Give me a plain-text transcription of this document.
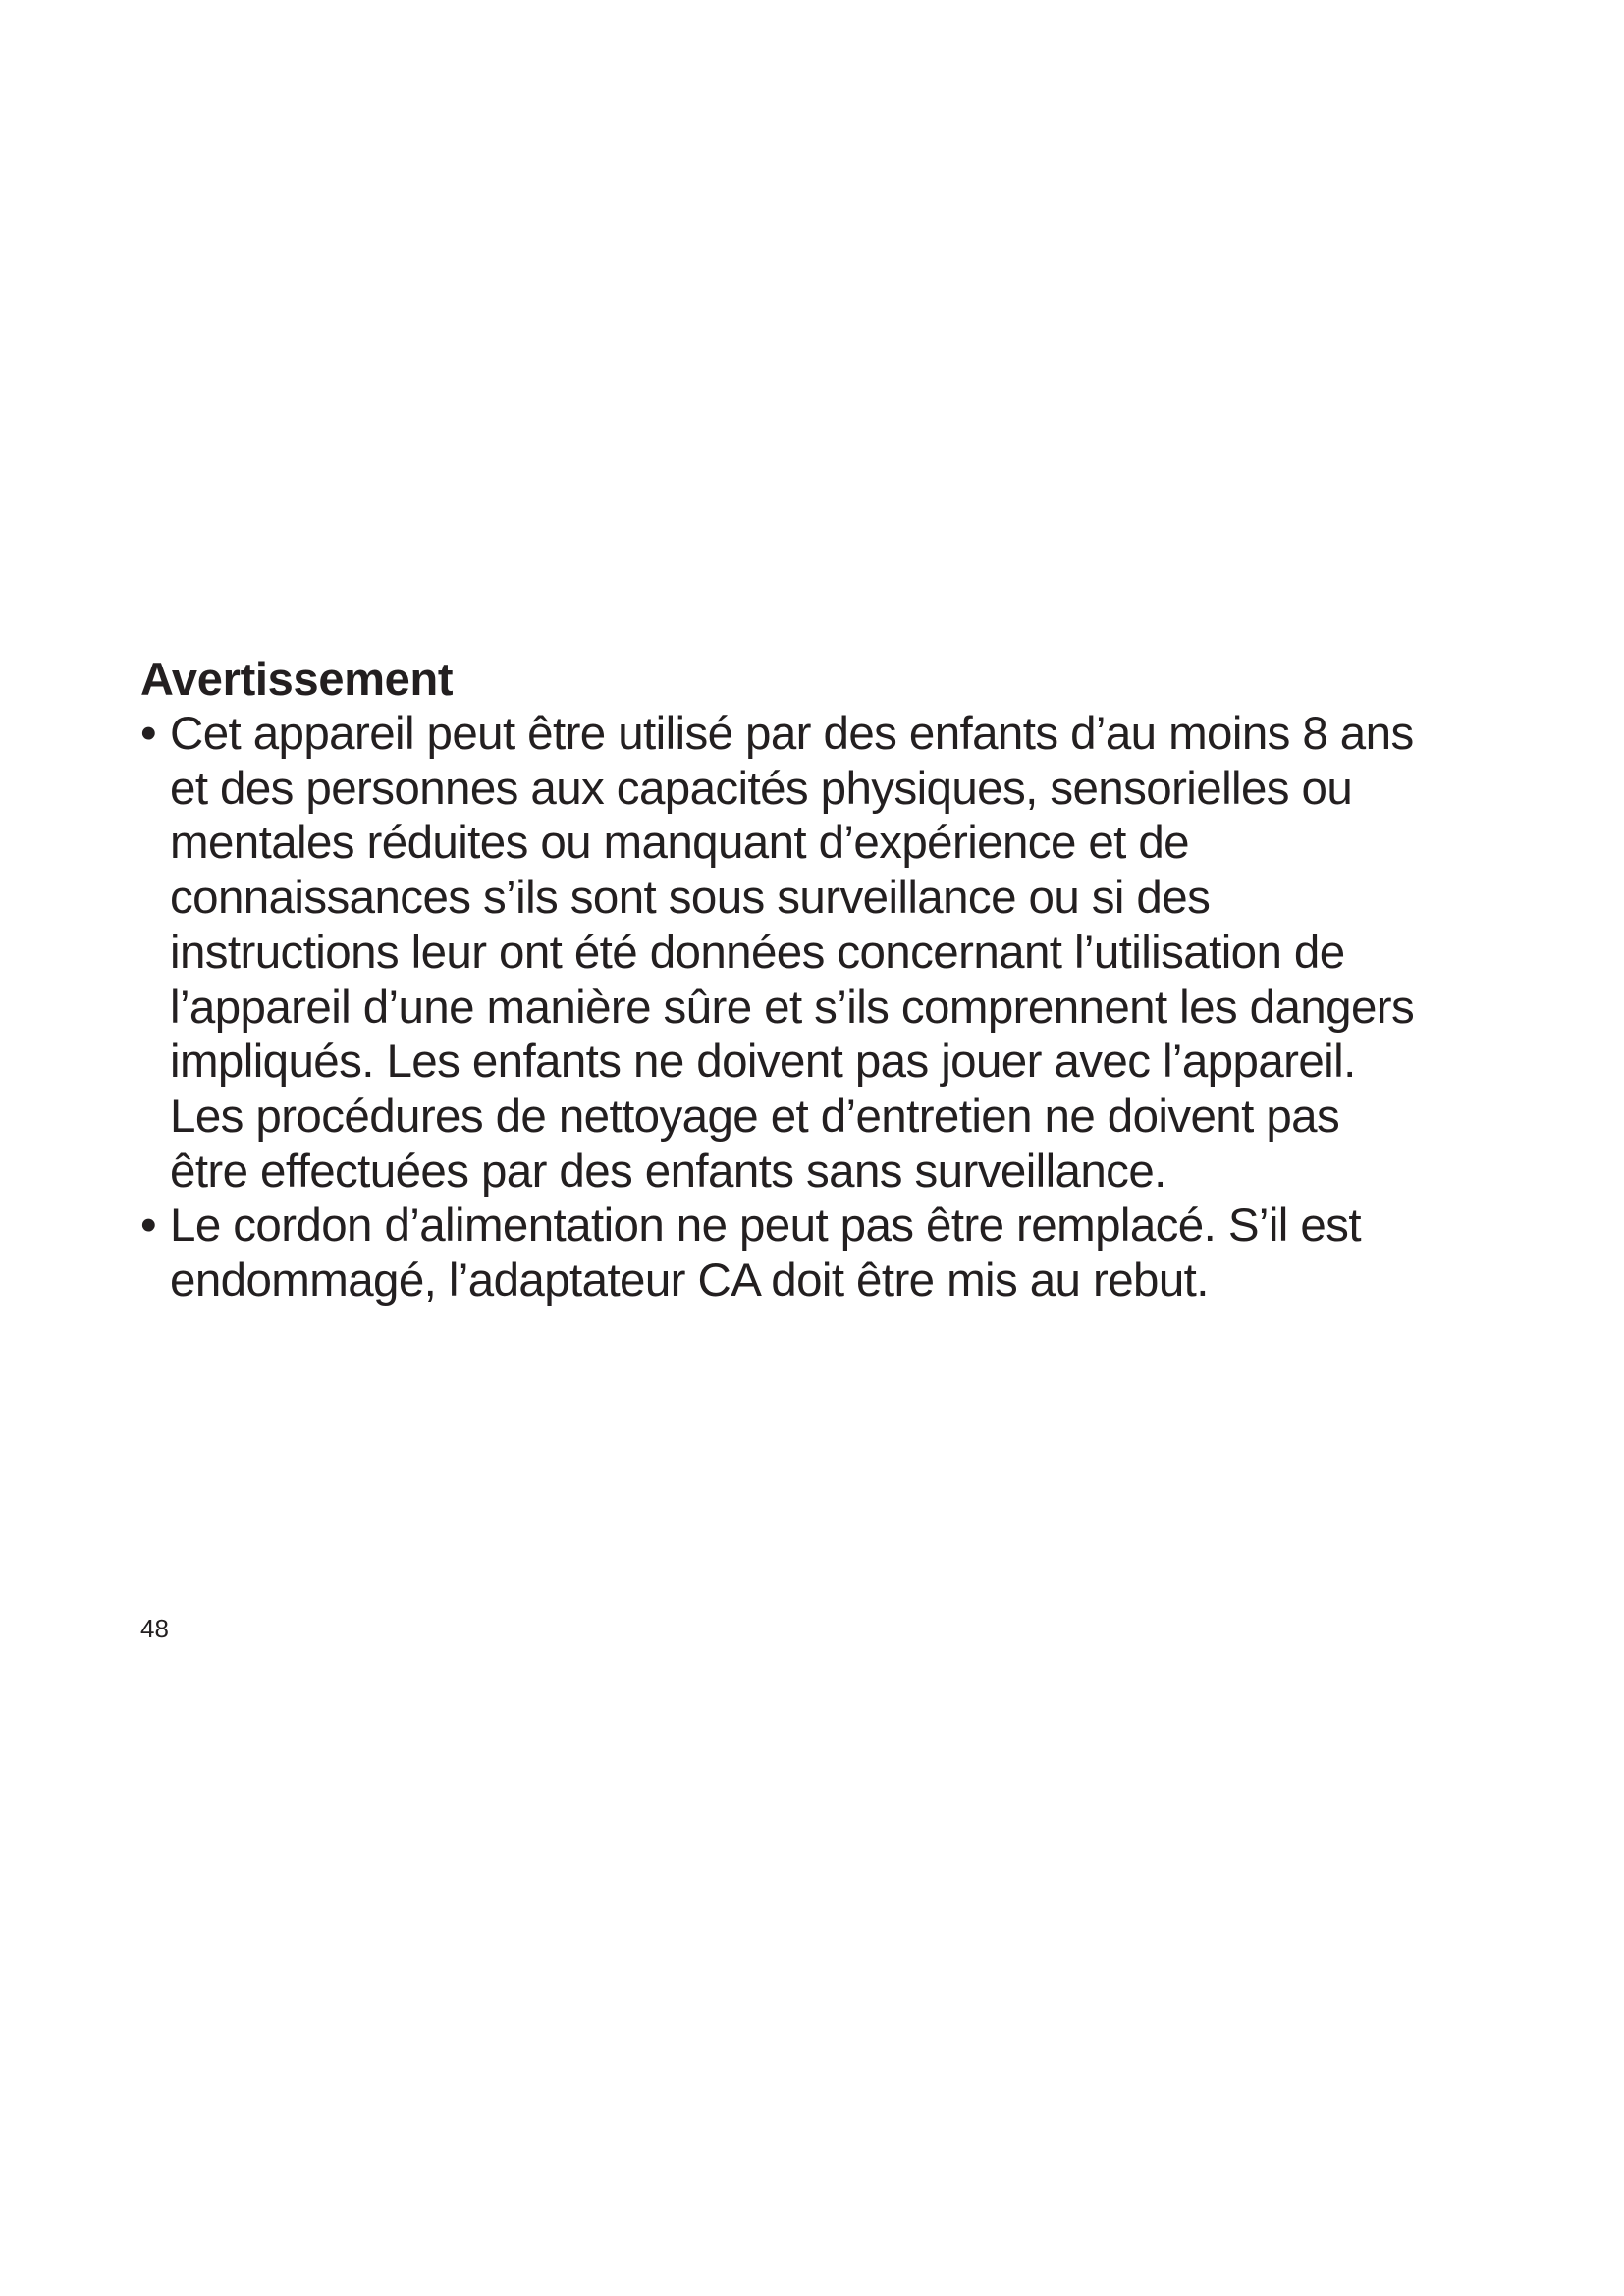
Avertissement
• Cet appareil peut être utilisé par des enfants d’au moins 8 ans
et des personnes aux capacités physiques, sensorielles ou
mentales réduites ou manquant d’expérience et de
connaissances s’ils sont sous surveillance ou si des
instructions leur ont été données concernant l’utilisation de
l’appareil d’une manière sûre et s’ils comprennent les dangers
impliqués. Les enfants ne doivent pas jouer avec l’appareil.
Les procédures de nettoyage et d’entretien ne doivent pas
être effectuées par des enfants sans surveillance.
• Le cordon d’alimentation ne peut pas être remplacé. S’il est
endommagé, l’adaptateur CA doit être mis au rebut.
48
